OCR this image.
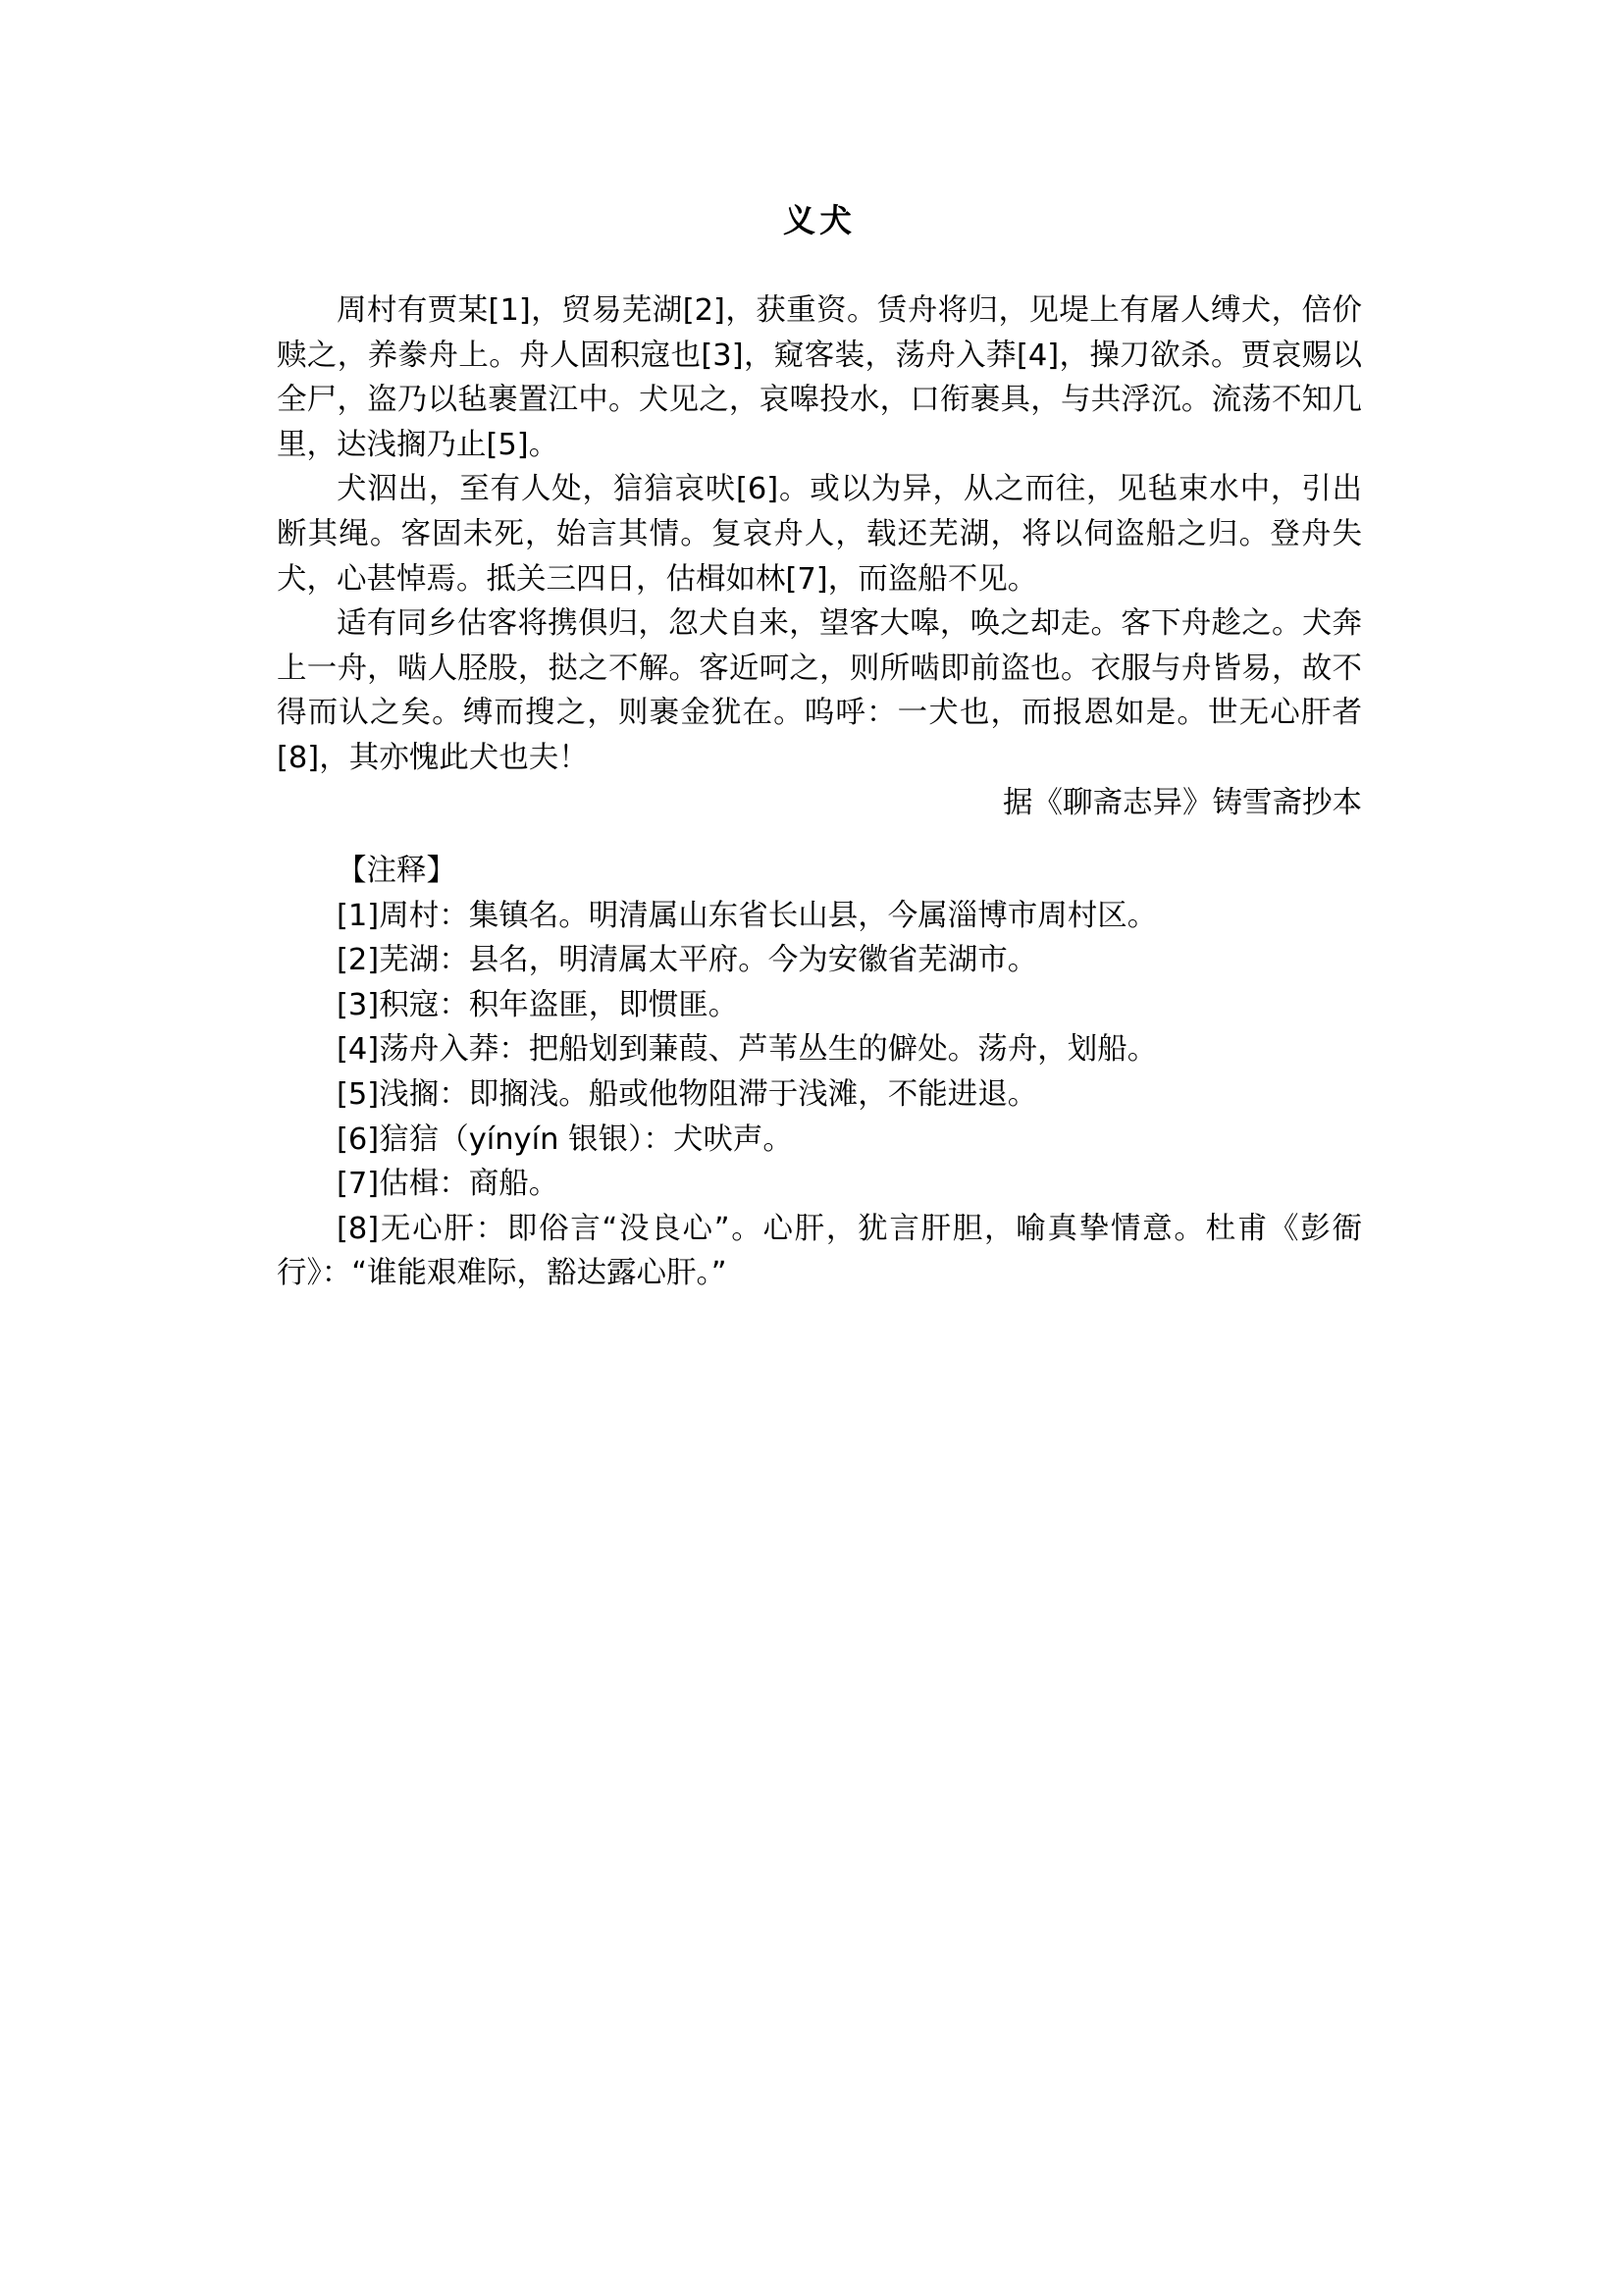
义犬

周村有贾某[1]，贸易芜湖[2]，获重资。赁舟将归，见堤上有屠人缚犬，倍价赎之，养豢舟上。舟人固积寇也[3]，窥客装，荡舟入莽[4]，操刀欲杀。贾哀赐以全尸，盗乃以毡裹置江中。犬见之，哀嗥投水，口衔裹具，与共浮沉。流荡不知几里，达浅搁乃止[5]。

犬泅出，至有人处，狺狺哀吠[6]。或以为异，从之而往，见毡束水中，引出断其绳。客固未死，始言其情。复哀舟人，载还芜湖，将以伺盗船之归。登舟失犬，心甚悼焉。抵关三四日，估楫如林[7]，而盗船不见。

适有同乡估客将携俱归，忽犬自来，望客大嗥，唤之却走。客下舟趁之。犬奔上一舟，啮人胫股，挞之不解。客近呵之，则所啮即前盗也。衣服与舟皆易，故不得而认之矣。缚而搜之，则裹金犹在。呜呼：一犬也，而报恩如是。世无心肝者[8]，其亦愧此犬也夫！

据《聊斋志异》铸雪斋抄本

【注释】

[1]周村：集镇名。明清属山东省长山县，今属淄博市周村区。

[2]芜湖：县名，明清属太平府。今为安徽省芜湖市。

[3]积寇：积年盗匪，即惯匪。

[4]荡舟入莽：把船划到蒹葭、芦苇丛生的僻处。荡舟，划船。

[5]浅搁：即搁浅。船或他物阻滞于浅滩，不能进退。

[6]狺狺（yínyín 银银）：犬吠声。

[7]估楫：商船。

[8]无心肝：即俗言“没良心”。心肝，犹言肝胆，喻真挚情意。杜甫《彭衙行》：“谁能艰难际，豁达露心肝。”
